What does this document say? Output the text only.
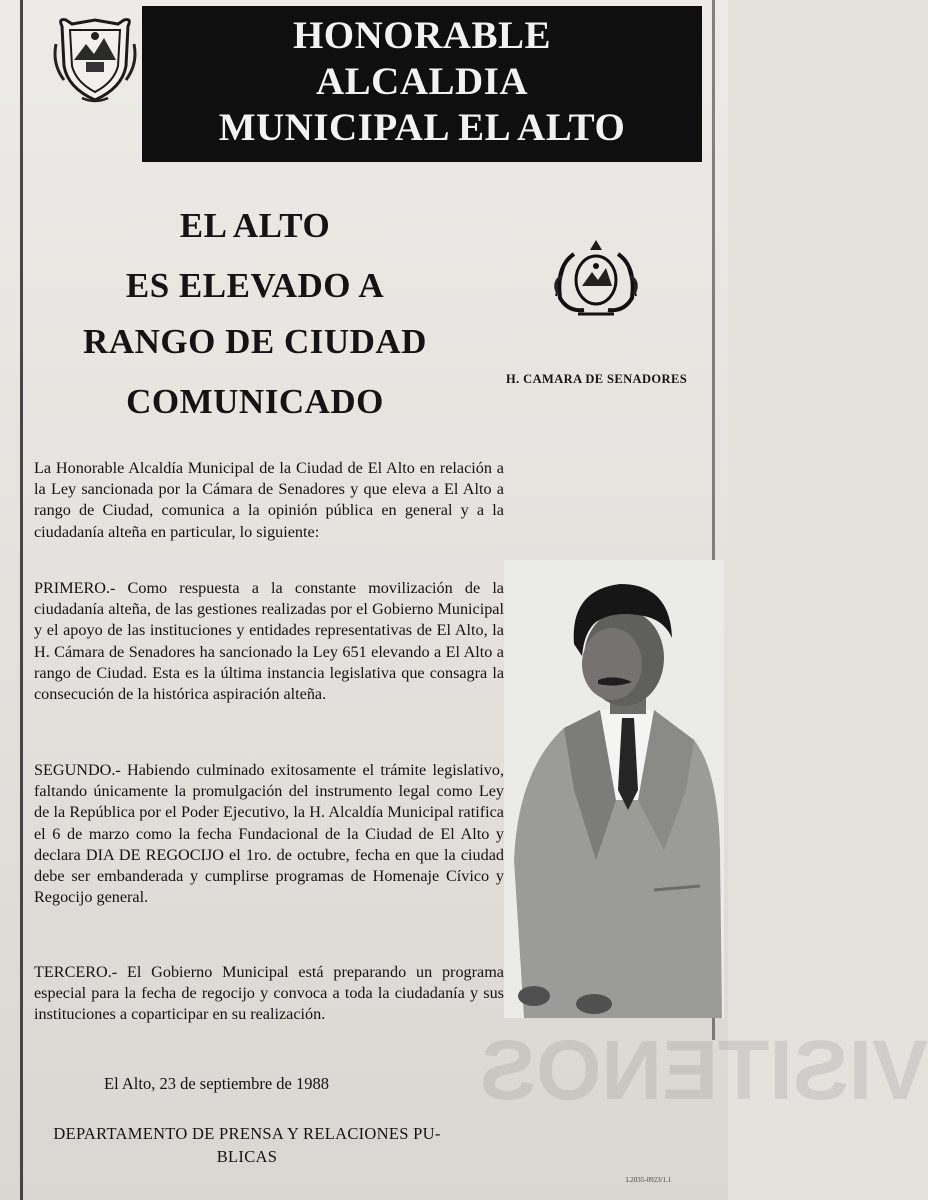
HONORABLE
ALCALDIA
MUNICIPAL EL ALTO
EL ALTO
ES ELEVADO A
RANGO DE CIUDAD
COMUNICADO
H. CAMARA DE SENADORES
La Honorable Alcaldía Municipal de la Ciudad de El Alto en relación a la Ley sancionada por la Cámara de Senadores y que eleva a El Alto a rango de Ciudad, comunica a la opinión pública en general y a la ciudadanía alteña en particular, lo siguiente:
PRIMERO.- Como respuesta a la constante movilización de la ciudadanía alteña, de las gestiones realizadas por el Gobierno Municipal y el apoyo de las instituciones y entidades representativas de El Alto, la H. Cámara de Senadores ha sancionado la Ley 651 elevando a El Alto a rango de Ciudad. Esta es la última instancia legislativa que consagra la consecución de la histórica aspiración alteña.
SEGUNDO.- Habiendo culminado exitosamente el trámite legislativo, faltando únicamente la promulgación del instrumento legal como Ley de la República por el Poder Ejecutivo, la H. Alcaldía Municipal ratifica el 6 de marzo como la fecha Fundacional de la Ciudad de El Alto y declara DIA DE REGOCIJO el 1ro. de octubre, fecha en que la ciudad debe ser embanderada y cumplirse programas de Homenaje Cívico y Regocijo general.
TERCERO.- El Gobierno Municipal está preparando un programa especial para la fecha de regocijo y convoca a toda la ciudadanía y sus instituciones a coparticipar en su realización.
VISITENOS
El Alto, 23 de septiembre de 1988
DEPARTAMENTO DE PRENSA Y RELACIONES PU-
BLICAS
L2035-0923/1.1
